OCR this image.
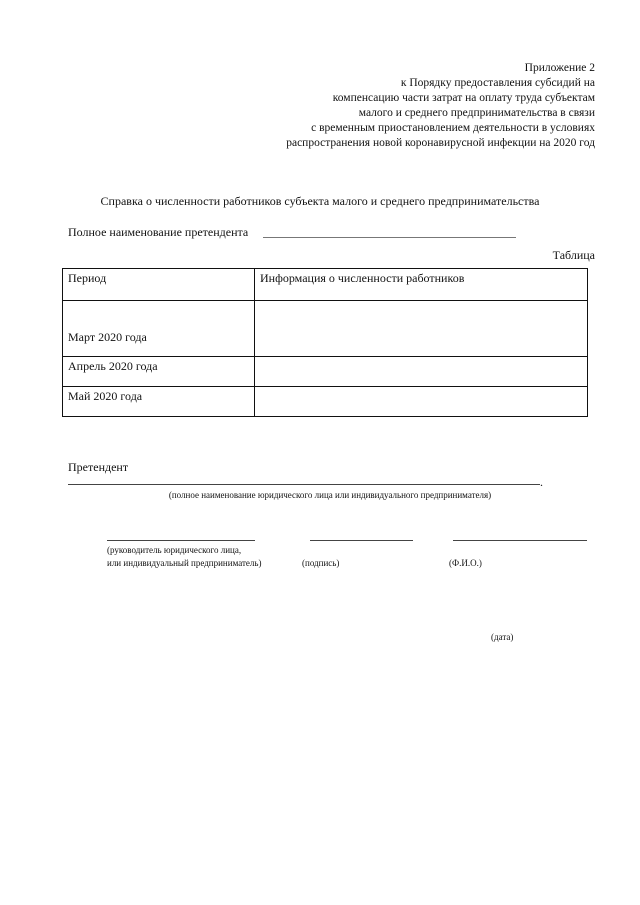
Приложение 2
к Порядку предоставления субсидий на
компенсацию части затрат на оплату труда субъектам
малого и среднего предпринимательства в связи
с временным приостановлением деятельности в условиях
распространения новой коронавирусной инфекции на 2020 год
Справка о численности работников субъекта малого и среднего предпринимательства
Полное наименование претендента
Таблица
Период	Информация о численности работников
Март 2020 года	
Апрель 2020 года	
Май 2020 года	
Претендент
.
(полное наименование юридического лица или индивидуального предпринимателя)
(руководитель юридического лица,
или индивидуальный предприниматель)	(подпись)	(Ф.И.О.)
(дата)
